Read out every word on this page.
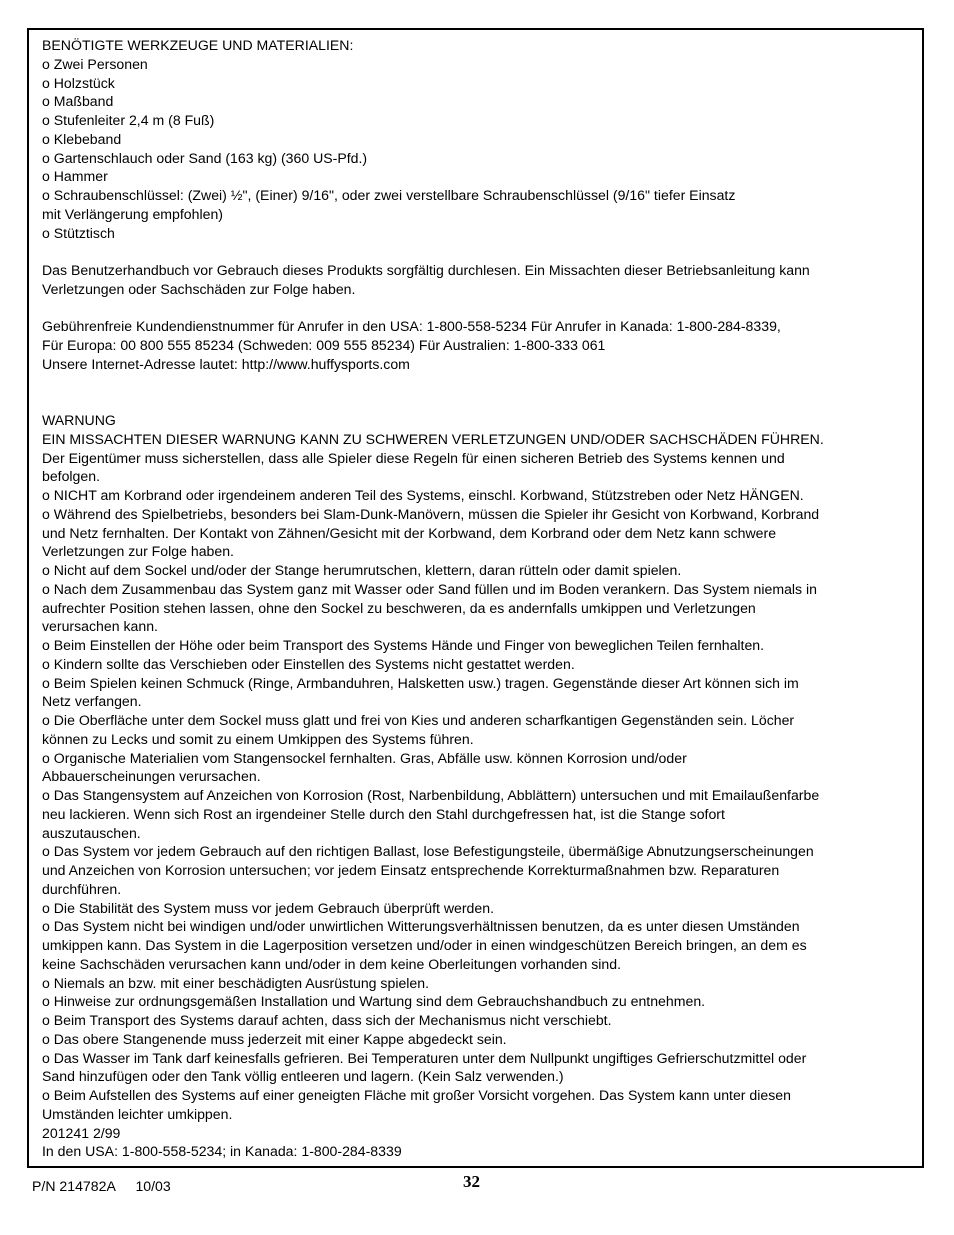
BENÖTIGTE WERKZEUGE UND MATERIALIEN:
o Zwei Personen
o Holzstück
o Maßband
o Stufenleiter 2,4 m (8 Fuß)
o Klebeband
o Gartenschlauch oder Sand (163 kg) (360 US-Pfd.)
o Hammer
o Schraubenschlüssel: (Zwei) ½", (Einer) 9/16", oder zwei verstellbare Schraubenschlüssel (9/16" tiefer Einsatz
mit Verlängerung empfohlen)
o Stütztisch
Das Benutzerhandbuch vor Gebrauch dieses Produkts sorgfältig durchlesen. Ein Missachten dieser Betriebsanleitung kann
Verletzungen oder Sachschäden zur Folge haben.
Gebührenfreie Kundendienstnummer für Anrufer in den USA: 1-800-558-5234 Für Anrufer in Kanada: 1-800-284-8339,
Für Europa: 00 800 555 85234 (Schweden: 009 555 85234) Für Australien: 1-800-333 061
Unsere Internet-Adresse lautet: http://www.huffysports.com
WARNUNG
EIN MISSACHTEN DIESER WARNUNG KANN ZU SCHWEREN VERLETZUNGEN UND/ODER SACHSCHÄDEN FÜHREN.
Der Eigentümer muss sicherstellen, dass alle Spieler diese Regeln für einen sicheren Betrieb des Systems kennen und
befolgen.
o NICHT am Korbrand oder irgendeinem anderen Teil des Systems, einschl. Korbwand, Stützstreben oder Netz HÄNGEN.
o Während des Spielbetriebs, besonders bei Slam-Dunk-Manövern, müssen die Spieler ihr Gesicht von Korbwand, Korbrand
und Netz fernhalten. Der Kontakt von Zähnen/Gesicht mit der Korbwand, dem Korbrand oder dem Netz kann schwere
Verletzungen zur Folge haben.
o Nicht auf dem Sockel und/oder der Stange herumrutschen, klettern, daran rütteln oder damit spielen.
o Nach dem Zusammenbau das System ganz mit Wasser oder Sand füllen und im Boden verankern. Das System niemals in
aufrechter Position stehen lassen, ohne den Sockel zu beschweren, da es andernfalls umkippen und Verletzungen
verursachen kann.
o Beim Einstellen der Höhe oder beim Transport des Systems Hände und Finger von beweglichen Teilen fernhalten.
o Kindern sollte das Verschieben oder Einstellen des Systems nicht gestattet werden.
o Beim Spielen keinen Schmuck (Ringe, Armbanduhren, Halsketten usw.) tragen. Gegenstände dieser Art können sich im
Netz verfangen.
o Die Oberfläche unter dem Sockel muss glatt und frei von Kies und anderen scharfkantigen Gegenständen sein. Löcher
können zu Lecks und somit zu einem Umkippen des Systems führen.
o Organische Materialien vom Stangensockel fernhalten. Gras, Abfälle usw. können Korrosion und/oder
Abbauerscheinungen verursachen.
o Das Stangensystem auf Anzeichen von Korrosion (Rost, Narbenbildung, Abblättern) untersuchen und mit Emailaußenfarbe
neu lackieren. Wenn sich Rost an irgendeiner Stelle durch den Stahl durchgefressen hat, ist die Stange sofort
auszutauschen.
o Das System vor jedem Gebrauch auf den richtigen Ballast, lose Befestigungsteile, übermäßige Abnutzungserscheinungen
und Anzeichen von Korrosion untersuchen; vor jedem Einsatz entsprechende Korrekturmaßnahmen bzw. Reparaturen
durchführen.
o Die Stabilität des System muss vor jedem Gebrauch überprüft werden.
o Das System nicht bei windigen und/oder unwirtlichen Witterungsverhältnissen benutzen, da es unter diesen Umständen
umkippen kann. Das System in die Lagerposition versetzen und/oder in einen windgeschützen Bereich bringen, an dem es
keine Sachschäden verursachen kann und/oder in dem keine Oberleitungen vorhanden sind.
o Niemals an bzw. mit einer beschädigten Ausrüstung spielen.
o Hinweise zur ordnungsgemäßen Installation und Wartung sind dem Gebrauchshandbuch zu entnehmen.
o Beim Transport des Systems darauf achten, dass sich der Mechanismus nicht verschiebt.
o Das obere Stangenende muss jederzeit mit einer Kappe abgedeckt sein.
o Das Wasser im Tank darf keinesfalls gefrieren. Bei Temperaturen unter dem Nullpunkt ungiftiges Gefrierschutzmittel oder
Sand hinzufügen oder den Tank völlig entleeren und lagern. (Kein Salz verwenden.)
o Beim Aufstellen des Systems auf einer geneigten Fläche mit großer Vorsicht vorgehen. Das System kann unter diesen
Umständen leichter umkippen.
201241 2/99
In den USA: 1-800-558-5234; in Kanada: 1-800-284-8339
P/N 214782A 10/03	32
